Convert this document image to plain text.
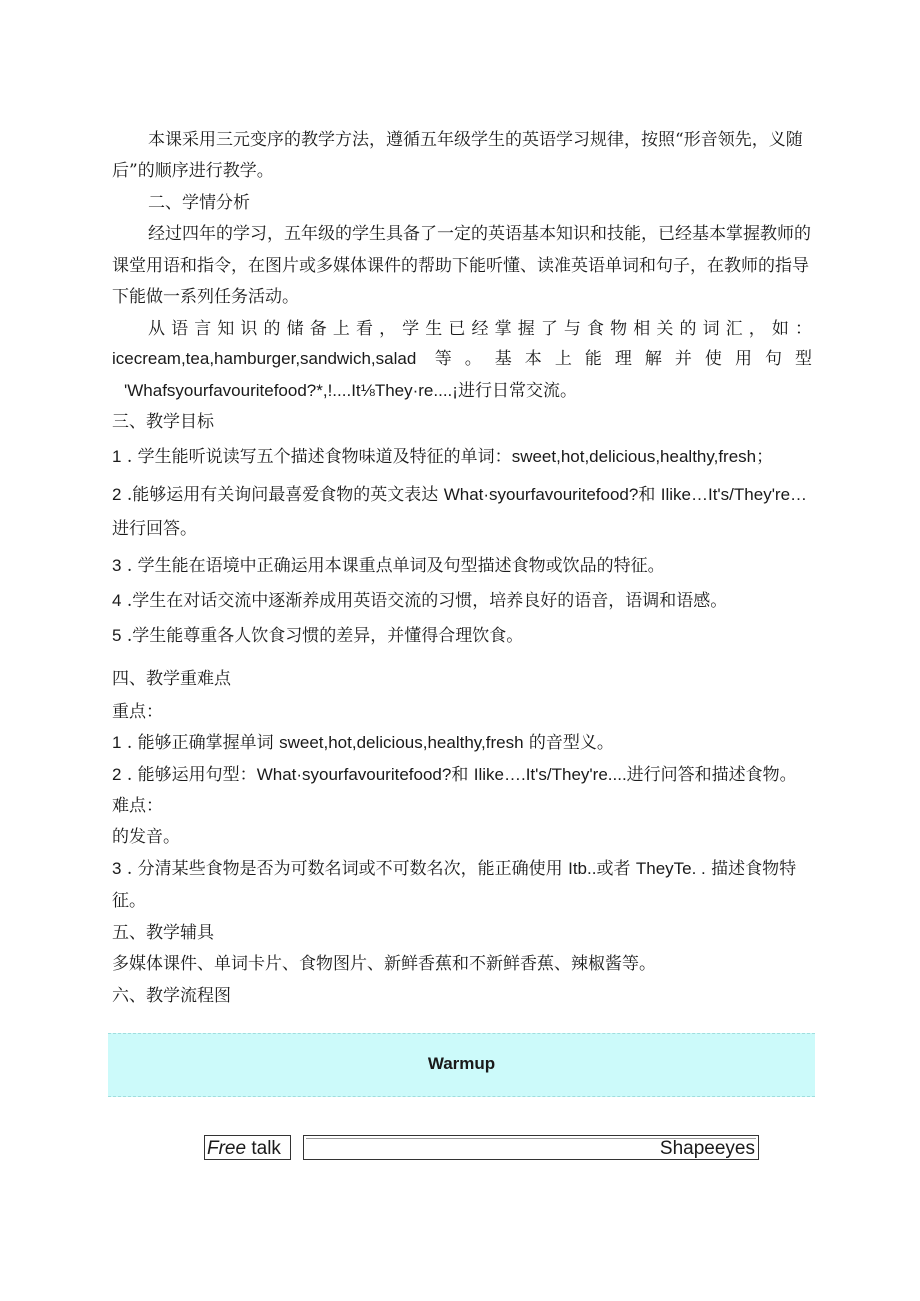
本课采用三元变序的教学方法，遵循五年级学生的英语学习规律，按照“形音领先，义随
后”的顺序进行教学。
二、学情分析
经过四年的学习，五年级的学生具备了一定的英语基本知识和技能，已经基本掌握教师的
课堂用语和指令，在图片或多媒体课件的帮助下能听懂、读准英语单词和句子，在教师的指导
下能做一系列任务活动。
从语言知识的储备上看，学生已经掌握了与食物相关的词汇，如：
icecream,tea,hamburger,sandwich,salad 等。基本上能理解并使用句型
'Whafsyourfavouritefood?*,!....It⅛They·re....¡进行日常交流。
三、教学目标
1 . 学生能听说读写五个描述食物味道及特征的单词：sweet,hot,delicious,healthy,fresh；
2 .能够运用有关询问最喜爱食物的英文表达 What·syourfavouritefood?和 Ilike…It's/They're…
进行回答。
3 . 学生能在语境中正确运用本课重点单词及句型描述食物或饮品的特征。
4 .学生在对话交流中逐渐养成用英语交流的习惯，培养良好的语音，语调和语感。
5 .学生能尊重各人饮食习惯的差异，并懂得合理饮食。
四、教学重难点
重点：
1 . 能够正确掌握单词 sweet,hot,delicious,healthy,fresh 的音型义。
2 . 能够运用句型：What·syourfavouritefood?和 Ilike….It's/They're....进行问答和描述食物。
难点：
的发音。
3 . 分清某些食物是否为可数名词或不可数名次，能正确使用 Itb..或者 TheyTe. . 描述食物特
征。
五、教学辅具
多媒体课件、单词卡片、食物图片、新鲜香蕉和不新鲜香蕉、辣椒酱等。
六、教学流程图
Warmup
Free talk	Shapeeyes
